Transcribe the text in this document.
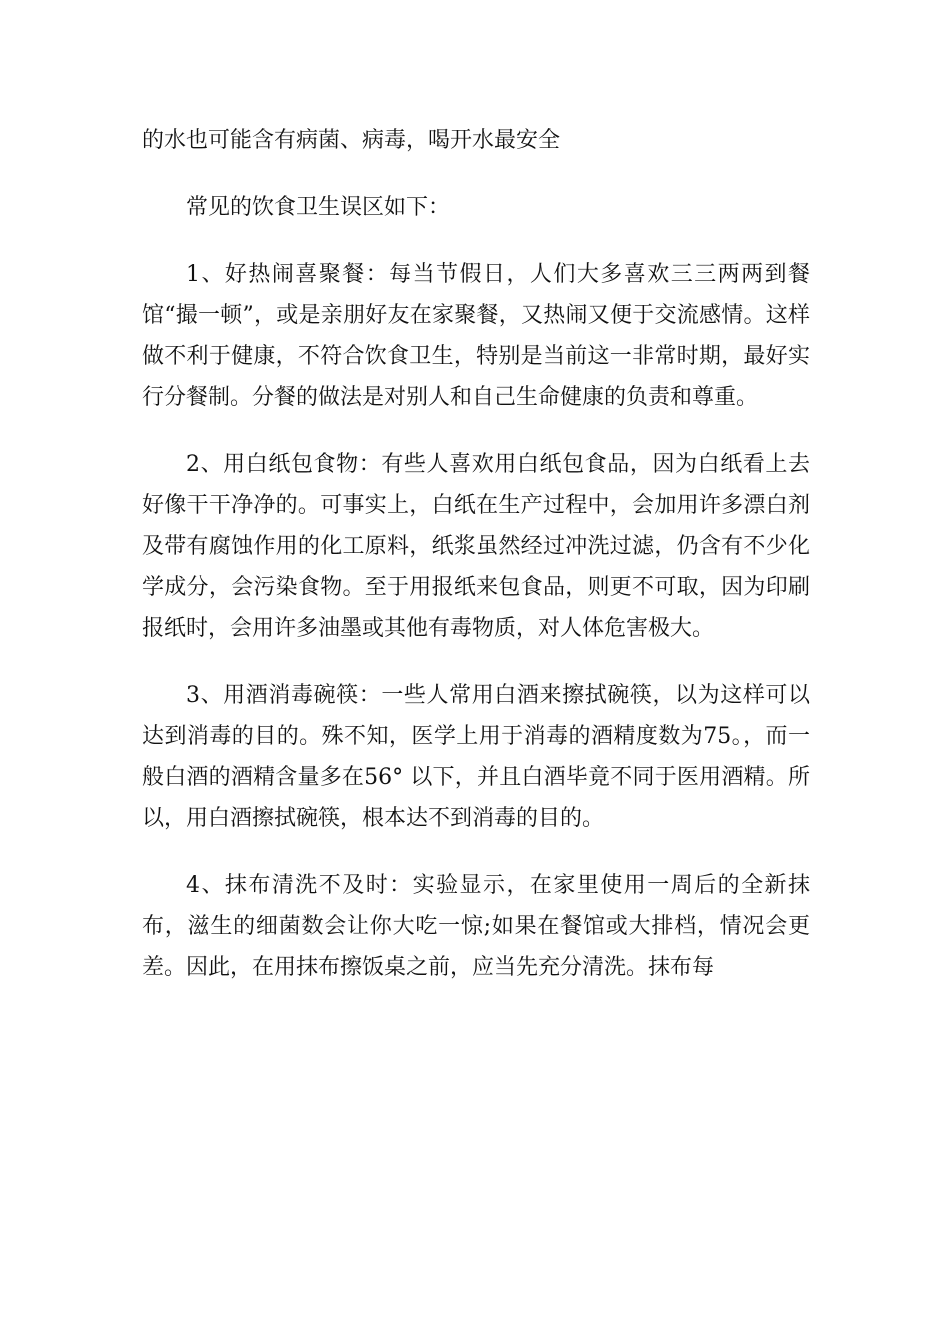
的水也可能含有病菌、病毒，喝开水最安全

常见的饮食卫生误区如下：

1、好热闹喜聚餐：每当节假日，人们大多喜欢三三两两到餐馆“撮一顿”，或是亲朋好友在家聚餐，又热闹又便于交流感情。这样做不利于健康，不符合饮食卫生，特别是当前这一非常时期，最好实行分餐制。分餐的做法是对别人和自己生命健康的负责和尊重。

2、用白纸包食物：有些人喜欢用白纸包食品，因为白纸看上去好像干干净净的。可事实上，白纸在生产过程中，会加用许多漂白剂及带有腐蚀作用的化工原料，纸浆虽然经过冲洗过滤，仍含有不少化学成分，会污染食物。至于用报纸来包食品，则更不可取，因为印刷报纸时，会用许多油墨或其他有毒物质，对人体危害极大。

3、用酒消毒碗筷：一些人常用白酒来擦拭碗筷，以为这样可以达到消毒的目的。殊不知，医学上用于消毒的酒精度数为75。，而一般白酒的酒精含量多在56° 以下，并且白酒毕竟不同于医用酒精。所以，用白酒擦拭碗筷，根本达不到消毒的目的。

4、抹布清洗不及时：实验显示，在家里使用一周后的全新抹布，滋生的细菌数会让你大吃一惊;如果在餐馆或大排档，情况会更差。因此，在用抹布擦饭桌之前，应当先充分清洗。抹布每
